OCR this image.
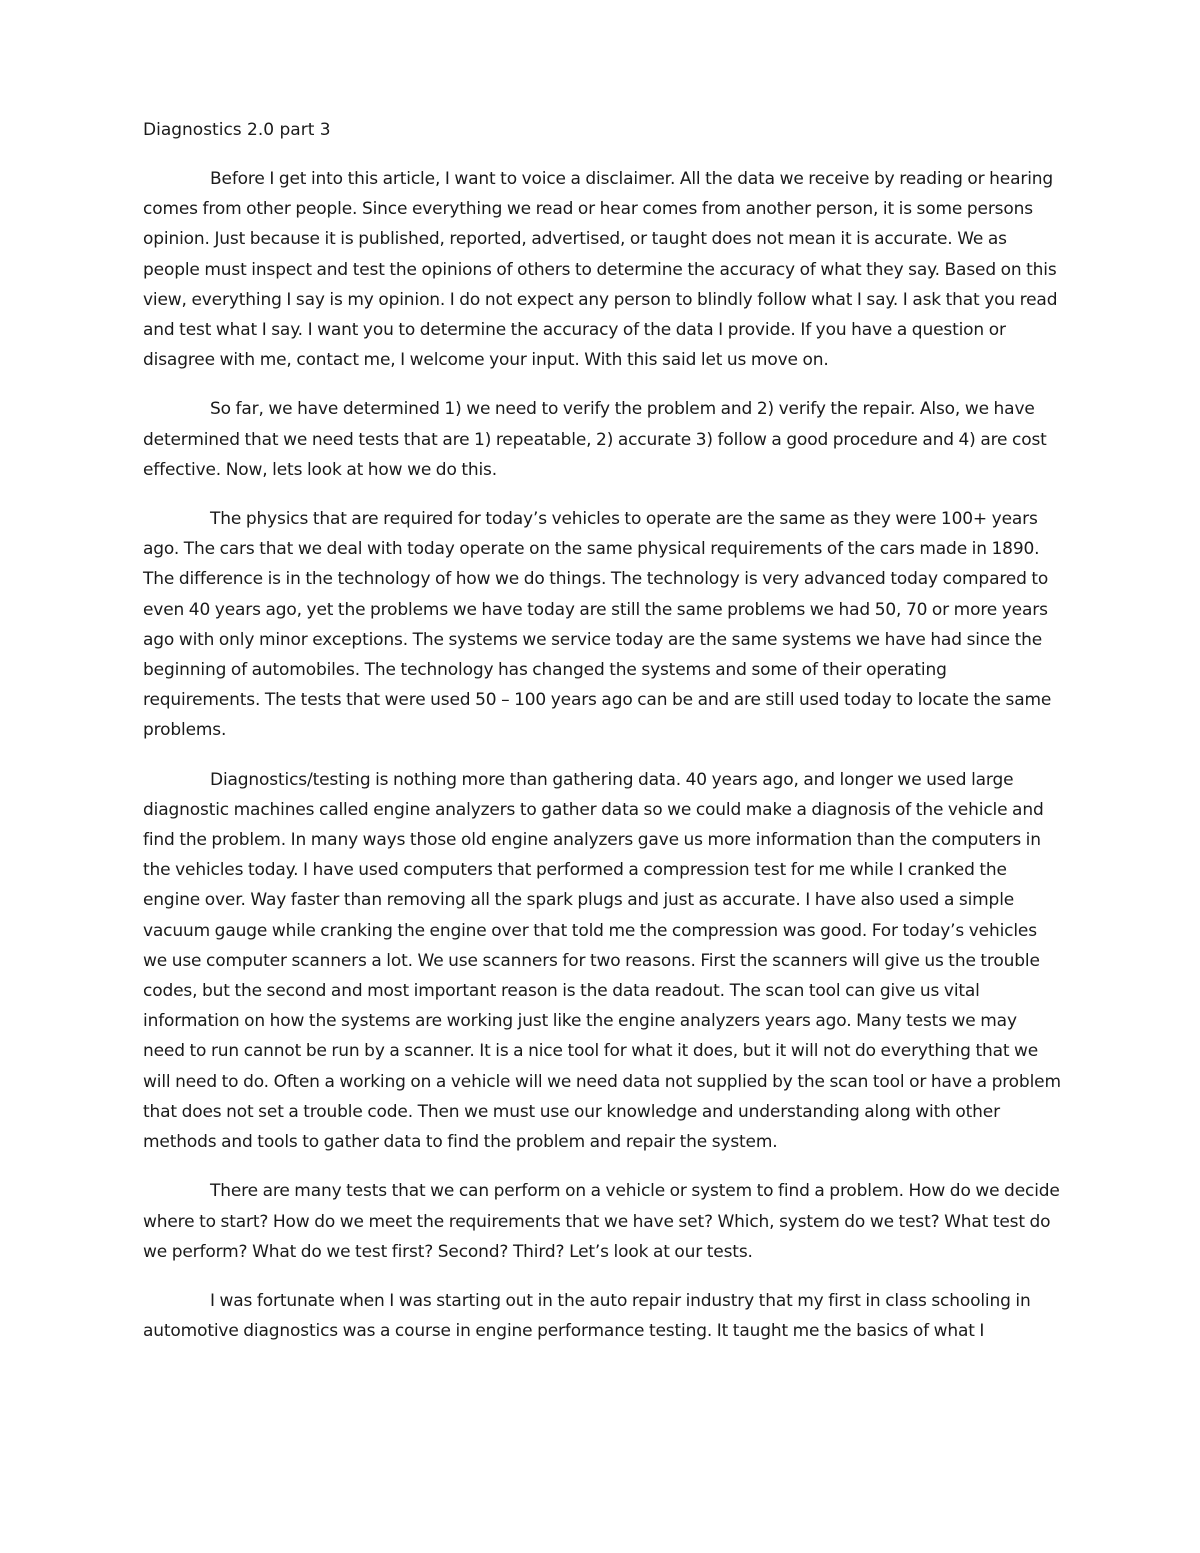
Diagnostics 2.0 part 3

Before I get into this article, I want to voice a disclaimer. All the data we receive by reading or hearing comes from other people. Since everything we read or hear comes from another person, it is some persons opinion. Just because it is published, reported, advertised, or taught does not mean it is accurate. We as people must inspect and test the opinions of others to determine the accuracy of what they say. Based on this view, everything I say is my opinion. I do not expect any person to blindly follow what I say. I ask that you read and test what I say. I want you to determine the accuracy of the data I provide. If you have a question or disagree with me, contact me, I welcome your input. With this said let us move on.

So far, we have determined 1) we need to verify the problem and 2) verify the repair. Also, we have determined that we need tests that are 1) repeatable, 2) accurate 3) follow a good procedure and 4) are cost effective. Now, lets look at how we do this.

The physics that are required for today’s vehicles to operate are the same as they were 100+ years ago. The cars that we deal with today operate on the same physical requirements of the cars made in 1890. The difference is in the technology of how we do things. The technology is very advanced today compared to even 40 years ago, yet the problems we have today are still the same problems we had 50, 70 or more years ago with only minor exceptions. The systems we service today are the same systems we have had since the beginning of automobiles. The technology has changed the systems and some of their operating requirements. The tests that were used 50 – 100 years ago can be and are still used today to locate the same problems.

Diagnostics/testing is nothing more than gathering data. 40 years ago, and longer we used large diagnostic machines called engine analyzers to gather data so we could make a diagnosis of the vehicle and find the problem. In many ways those old engine analyzers gave us more information than the computers in the vehicles today. I have used computers that performed a compression test for me while I cranked the engine over. Way faster than removing all the spark plugs and just as accurate. I have also used a simple vacuum gauge while cranking the engine over that told me the compression was good. For today’s vehicles we use computer scanners a lot. We use scanners for two reasons. First the scanners will give us the trouble codes, but the second and most important reason is the data readout. The scan tool can give us vital information on how the systems are working just like the engine analyzers years ago. Many tests we may need to run cannot be run by a scanner. It is a nice tool for what it does, but it will not do everything that we will need to do. Often a working on a vehicle will we need data not supplied by the scan tool or have a problem that does not set a trouble code. Then we must use our knowledge and understanding along with other methods and tools to gather data to find the problem and repair the system.

There are many tests that we can perform on a vehicle or system to find a problem. How do we decide where to start? How do we meet the requirements that we have set? Which, system do we test? What test do we perform? What do we test first? Second? Third? Let’s look at our tests.

I was fortunate when I was starting out in the auto repair industry that my first in class schooling in automotive diagnostics was a course in engine performance testing. It taught me the basics of what I
